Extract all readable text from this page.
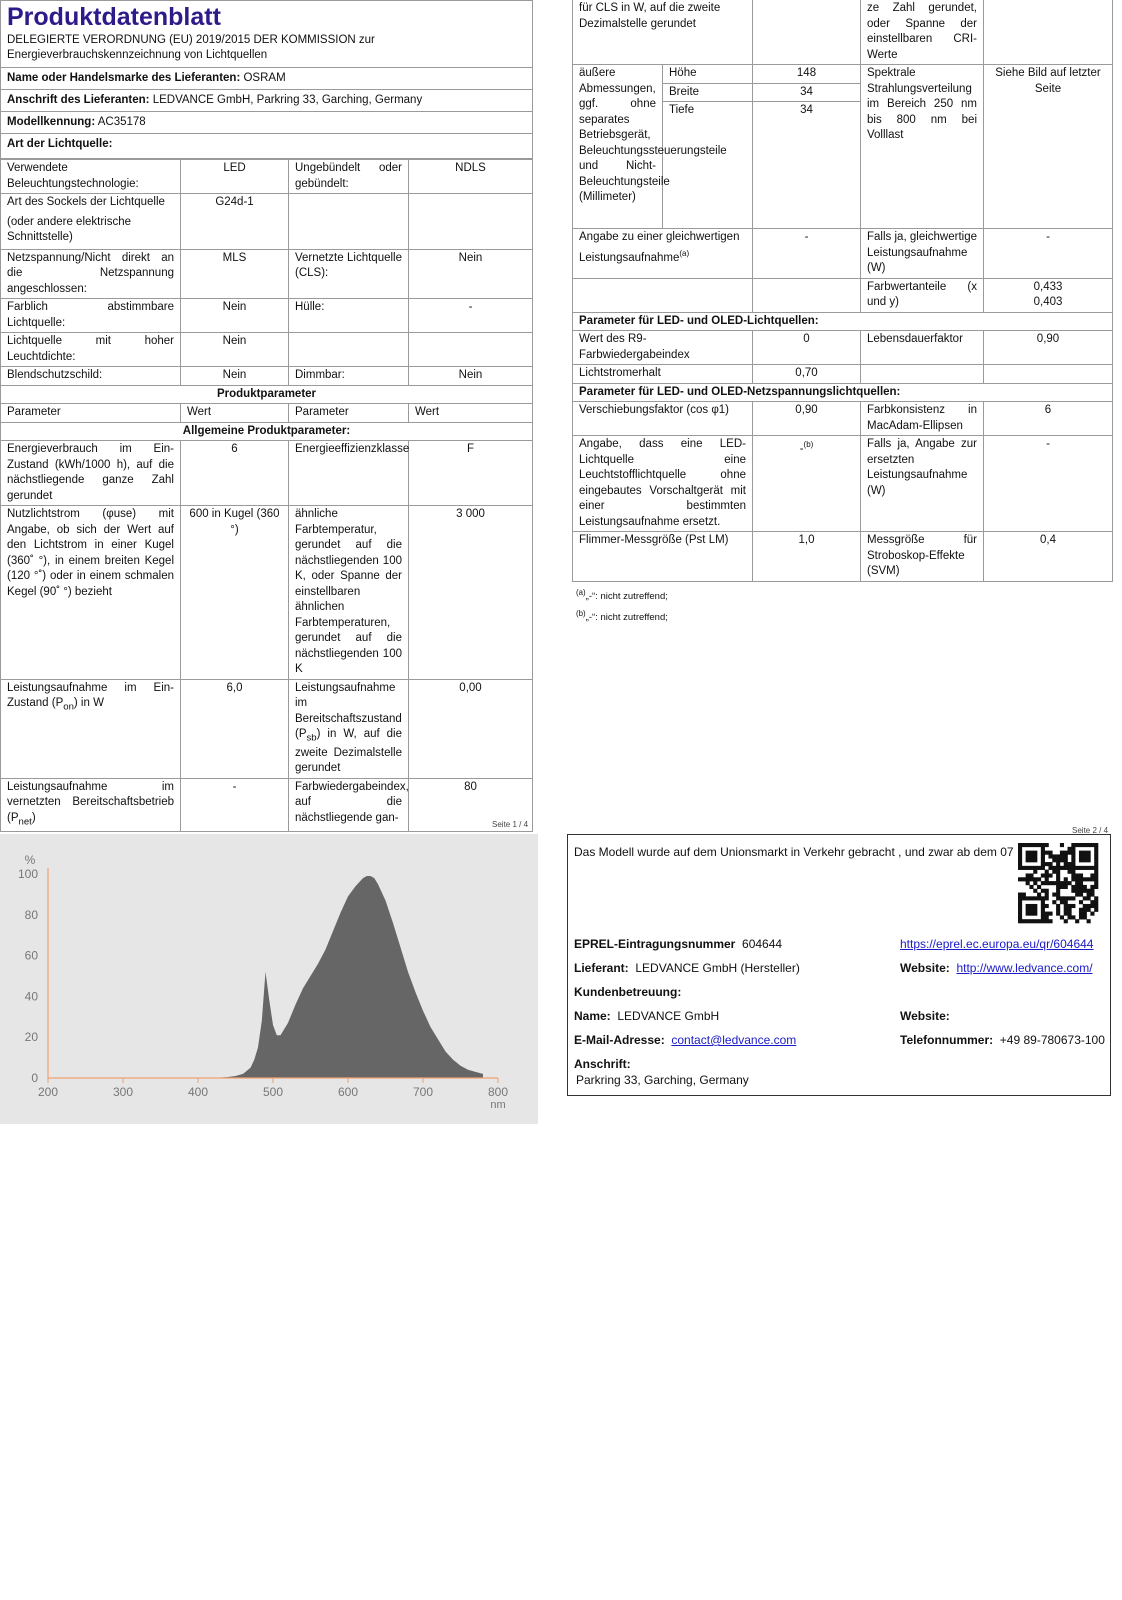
Produktdatenblatt

DELEGIERTE VERORDNUNG (EU) 2019/2015 DER KOMMISSION zur Energieverbrauchskennzeichnung von Lichtquellen
Name oder Handelsmarke des Lieferanten: OSRAM
Anschrift des Lieferanten: LEDVANCE GmbH, Parkring 33, Garching, Germany
Modellkennung: AC35178
Art der Lichtquelle:
Verwendete Beleuchtungstechnologie:	LED	Ungebündelt oder gebündelt:	NDLS

Art des Sockels der Lichtquelle
(oder andere elektrische Schnittstelle)	G24d-1		
Netzspannung/Nicht direkt an die Netzspannung angeschlossen:	MLS	Vernetzte Lichtquelle (CLS):	Nein
Farblich abstimmbare Lichtquelle:	Nein	Hülle:	-
Lichtquelle mit hoher Leuchtdichte:	Nein		
Blendschutzschild:	Nein	Dimmbar:	Nein
Produktparameter			
Parameter	Wert	Parameter	Wert
Allgemeine Produktparameter:			
Energieverbrauch im Ein-Zustand (kWh/1000 h), auf die nächstliegende ganze Zahl gerundet	6	Energieeffizienzklasse	F
Nutzlichtstrom (φuse) mit Angabe, ob sich der Wert auf den Lichtstrom in einer Kugel (360˚ °), in einem breiten Kegel (120 °˚) oder in einem schmalen Kegel (90˚ °) bezieht	600 in Kugel (360 °)	ähnliche Farbtemperatur, gerundet auf die nächstliegenden 100 K, oder Spanne der einstellbaren ähnlichen Farbtemperaturen, gerundet auf die nächstliegenden 100 K	3 000
Leistungsaufnahme im Ein-Zustand $(P_{on})$ in W	6,0	Leistungsaufnahme im Bereitschaftszustand $(P_{sb})$ in W, auf die zweite Dezimalstelle gerundet	0,00
Leistungsaufnahme im vernetzten Bereitschaftsbetrieb $(P_{net})$	-	Farbwiedergabeindex, auf die nächstliegende gan-	80
Seite 1 / 4
für CLS in W, auf die zweite Dezimalstelle gerundet			ze Zahl gerundet, oder Spanne der einstellbaren CRI-Werte	
äußere Abmessungen, ggf. ohne separates Betriebsgerät, Beleuchtungssteuerungsteile und Nicht-Beleuchtungsteile (Millimeter)	Höhe	148	Spektrale Strahlungsverteilung im Bereich 250 nm bis 800 nm bei Volllast	Siehe Bild auf letzter Seite
	Breite	34		
	Tiefe	34		
Angabe zu einer gleichwertigen Leistungsaufnahme$^{(a)}$		-	Falls ja, gleichwertige Leistungsaufnahme (W)	-
			Farbwertanteile (x und y)	0,433
0,403

Parameter für LED- und OLED-Lichtquellen:				
Wert des R9-Farbwiedergabeindex		0	Lebensdauerfaktor	0,90
Lichtstromerhalt		0,70		
Parameter für LED- und OLED-Netzspannungslichtquellen:				
Verschiebungsfaktor (cos φ1)		0,90	Farbkonsistenz in MacAdam-Ellipsen	6
Angabe, dass eine LED-Lichtquelle eine Leuchtstofflichtquelle ohne eingebautes Vorschaltgerät mit einer bestimmten Leistungsaufnahme ersetzt.		-$^{(b)}$	Falls ja, Angabe zur ersetzten Leistungsaufnahme (W)	-
Flimmer-Messgröße (Pst LM)		1,0	Messgröße für Stroboskop-Effekte (SVM)	0,4
$^{(a)}$„-“: nicht zutreffend;
$^{(b)}$„-“: nicht zutreffend;
Seite 2 / 4
200	300	400	500	600	700	800
100
80
60
40
20
0
%
nm
Das Modell wurde auf dem Unionsmarkt in Verkehr gebracht , und zwar ab dem 07
EPREL-Eintragungsnummer 604644	https://eprel.ec.europa.eu/qr/604644
Lieferant: LEDVANCE GmbH (Hersteller)	Website: http://www.ledvance.com/
Kundenbetreuung:
Name: LEDVANCE GmbH	Website:
E-Mail-Adresse: contact@ledvance.com	Telefonnummer: +49 89-780673-100
Anschrift:
Parkring 33, Garching, Germany
